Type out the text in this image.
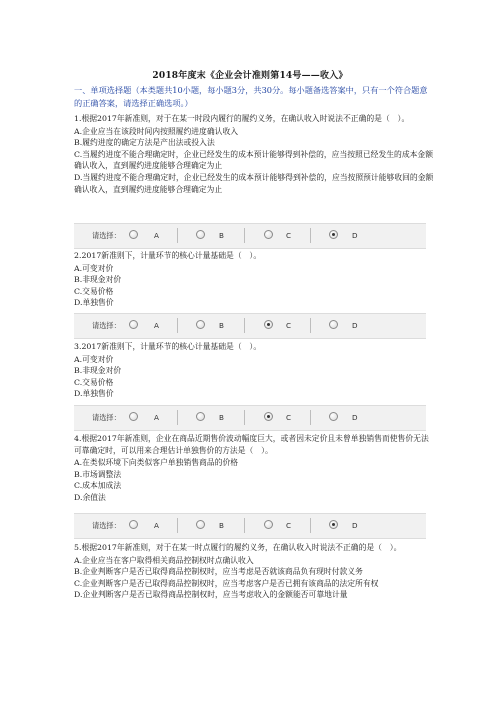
2018年度末《企业会计准则第14号——收入》
一、单项选择题（本类题共10小题，每小题3分，共30分。每小题备选答案中，只有一个符合题意的正确答案，请选择正确选项。）

1.根据2017年新准则，对于在某一时段内履行的履约义务，在确认收入时说法不正确的是（　）。

A.企业应当在该段时间内按照履约进度确认收入

B.履约进度的确定方法是产出法或投入法

C.当履约进度不能合理确定时，企业已经发生的成本预计能够得到补偿的，应当按照已经发生的成本金额确认收入，直到履约进度能够合理确定为止

D.当履约进度不能合理确定时，企业已经发生的成本预计能够得到补偿的，应当按照预计能够收回的金额确认收入，直到履约进度能够合理确定为止

请选择：	A	B	C	D

2.2017新准则下，计量环节的核心计量基础是（　）。

A.可变对价

B.非现金对价

C.交易价格

D.单独售价

请选择：	A	B	C	D

3.2017新准则下，计量环节的核心计量基础是（　）。

A.可变对价

B.非现金对价

C.交易价格

D.单独售价

请选择：	A	B	C	D

4.根据2017年新准则，企业在商品近期售价波动幅度巨大，或者因未定价且未曾单独销售而使售价无法可靠确定时，可以用来合理估计单独售价的方法是（　）。

A.在类似环境下向类似客户单独销售商品的价格

B.市场调整法

C.成本加成法

D.余值法

请选择：	A	B	C	D

5.根据2017年新准则，对于在某一时点履行的履约义务，在确认收入时说法不正确的是（　）。

A.企业应当在客户取得相关商品控制权时点确认收入

B.企业判断客户是否已取得商品控制权时，应当考虑是否就该商品负有现时付款义务

C.企业判断客户是否已取得商品控制权时，应当考虑客户是否已拥有该商品的法定所有权

D.企业判断客户是否已取得商品控制权时，应当考虑收入的金额能否可靠地计量
